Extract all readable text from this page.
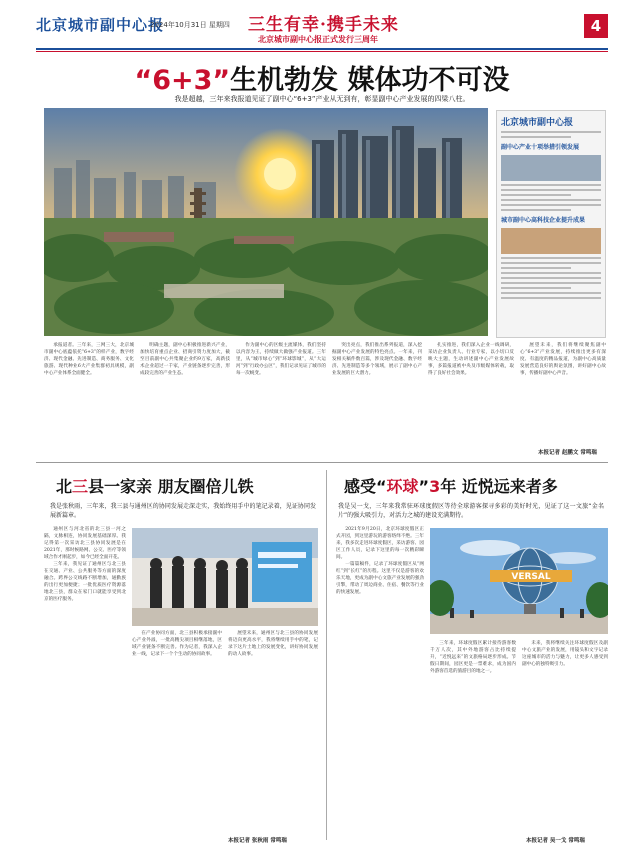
北京城市副中心报
2024年10月31日 星期四 三生有幸·携手未来
北京城市副中心报正式发行三周年
4
“6+3”生机勃发 媒体功不可没
我是超越，三年来我报道见证了副中心“6+3”产业从无到有，彰显副中心产业发展的四梁八柱。
北京城市副中心报
副中心产业十项举措引领发展
城市副中心高科技企业提升成果

承报道者。三年来，三网三大，北京城市副中心底蕴依托“6+3”的样产业，数字经济、现代金融、先进制造、商务服务、文化旅游、现代种业6大产业集群初具规模，副中心产业体系全面健全。

明确主题，副中心积极推进新兴产业，加快培育重点企业、招商引资力度加大，截至目前副中心共集聚企业约9万家，高新技术企业超过一千家，产业链条逐步完善，形成较完善的产业生态。

作为副中心的区级主流媒体，我们坚持以内容为王，持续做大做强产业报道。三年里，从“城市绿心”到“环球影城”，从“大运河”到“行政办公区”，我们记录见证了城市的每一次蜕变。

突出亮点，我们推出系列报道，深入挖掘副中心产业发展的特色亮点。一年来，刊发相关稿件数百篇，涉及现代金融、数字经济、先进制造等多个领域，展示了副中心产业发展的巨大潜力。

扎实推进，我们深入企业一线调研，采访企业负责人、行业专家，以小切口反映大主题，生动讲述副中心产业发展故事，多篇报道被中央及市级媒体转载，取得了良好社会效果。

展望未来，我们将继续聚焦副中心“6+3”产业发展，持续推出更多有深度、有温度的精品报道，为副中心高质量发展营造良好的舆论氛围，讲好副中心故事，传播好副中心声音。

本报记者 赵鹏文 常鸣瑞
北三县一家亲 朋友圈倍儿铁
我是张秋雨，三年来，我三县与通州区的协同发展走深走实，我始终用手中的笔记录着，见证协同发展新篇章。

通州区与河北省的北三县一河之隔，文脉相连，协同发展基础深厚。我记得第一次采访北三县协同发展是在2021年，那时候路网、公交、医疗等领域合作才刚起步，如今已经全面开花。

三年来，我见证了通州区与北三县在交通、产业、公共服务等方面的深度融合。跨界公交线路不断增加，通勤族的出行更加便捷；一批优质医疗资源落地北三县，群众在家门口就能享受到北京的医疗服务。

在产业协同方面，北三县积极承接副中心产业外溢，一批高精尖项目相继落地，区域产业链条不断完善。作为记者，我深入企业一线，记录下一个个生动的协同故事。

展望未来，通州区与北三县的协同发展将迈向更高水平，我将继续用手中的笔，记录下这片土地上的发展变化，讲好协同发展的动人故事。

本报记者 张秋雨 常鸣瑞
感受“环球”3年 近悦远来者多
我是吴一戈，三年来我常驻环球度假区等待全球游客探寻多彩的美好时光，见证了这一文旅“金名片”的强大吸引力，对活力之城的建设充满期待。

2021年9月20日，北京环球度假区正式开园，到这里游玩的游客络绎不绝。三年来，我多次走进环球度假区，采访游客、园区工作人员，记录下这里的每一次精彩瞬间。

一篇篇稿件，记录了环球度假区从“网红”到“长红”的历程。这里不仅是游客的欢乐天地，更成为副中心文旅产业发展的强劲引擎，带动了周边商业、住宿、餐饮等行业的快速发展。

三年来，环球度假区累计接待游客数千万人次，其中外地游客占比持续提升，“近悦远来”的文旅格局逐步形成。节假日期间，园区更是一票难求，成为国内外游客首选的旅游目的地之一。

未来，我将继续关注环球度假区及副中心文旅产业的发展，用镜头和文字记录这座城市的活力与魅力，让更多人感受到副中心的独特吸引力。

VERSAL
本报记者 吴一戈 常鸣瑞
